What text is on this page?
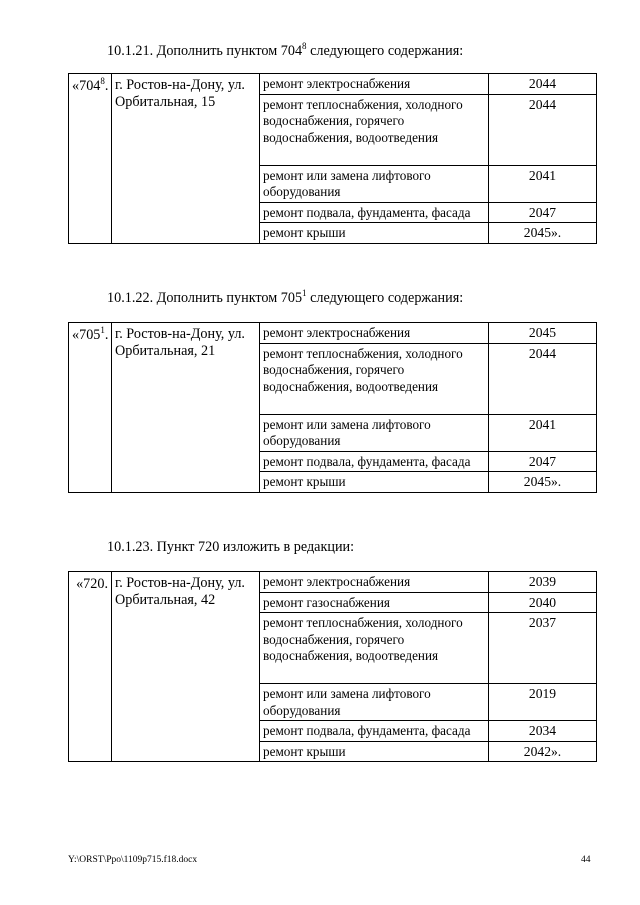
10.1.21. Дополнить пунктом $704^8$ следующего содержания:
«$704^8$.	г. Ростов-на-Дону, ул. Орбитальная, 15	ремонт электроснабжения	2044
		ремонт теплоснабжения, холодного водоснабжения, горячего водоснабжения, водоотведения	2044
		ремонт или замена лифтового оборудования	2041
		ремонт подвала, фундамента, фасада	2047
		ремонт крыши	2045».
10.1.22. Дополнить пунктом $705^1$ следующего содержания:
«$705^1$.	г. Ростов-на-Дону, ул. Орбитальная, 21	ремонт электроснабжения	2045
		ремонт теплоснабжения, холодного водоснабжения, горячего водоснабжения, водоотведения	2044
		ремонт или замена лифтового оборудования	2041
		ремонт подвала, фундамента, фасада	2047
		ремонт крыши	2045».
10.1.23. Пункт 720 изложить в редакции:
«720.	г. Ростов-на-Дону, ул. Орбитальная, 42	ремонт электроснабжения	2039
		ремонт газоснабжения	2040
		ремонт теплоснабжения, холодного водоснабжения, горячего водоснабжения, водоотведения	2037
		ремонт или замена лифтового оборудования	2019
		ремонт подвала, фундамента, фасада	2034
		ремонт крыши	2042».
Y:\ORST\Ppo\1109p715.f18.docx	44
